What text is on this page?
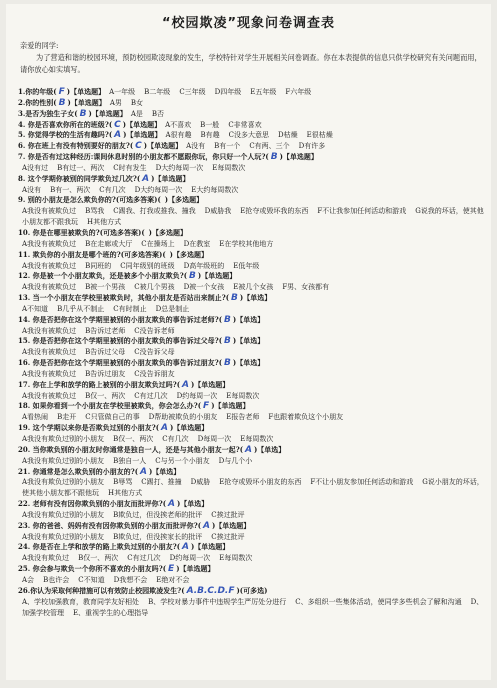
“校园欺凌”现象问卷调查表
亲爱的同学:
为了营造和谐的校园环境，预防校园欺凌现象的发生，学校特针对学生开展相关问卷调查。你在本表提供的信息只供学校研究有关问题而用，请你放心如实填写。
1.你的年级( F )【单选题】 A一年级 B二年级 C三年级 D四年级 E五年级 F六年级
2.你的性别( B )【单选题】 A男 B女
3.是否为独生子女( B )【单选题】 A是 B否
4. 你是否喜欢你所在的班级?( C )【单选题】 A不喜欢 B一般 C非常喜欢
5. 你觉得学校的生活有趣吗?( A )【单选题】 A很有趣 B有趣 C没多大意思 D枯燥 E很枯燥
6. 你在班上有没有特别要好的朋友?( C )【单选题】 A没有 B有一个 C有两、三个 D有许多
7. 你是否有过这种经历:课间休息时别的小朋友都不愿跟你玩，你只好一个人玩?( B )【单选题】
A没有过 B有过一、两次 C时有发生 D大约每周一次 E每周数次
8. 这个学期你被别的同学欺负过几次?( A )【单选题】
A没有 B有一、两次 C有几次 D大约每周一次 E大约每周数次
9. 别的小朋友是怎么欺负你的?(可选多答案)( )【多选题】
A我没有被欺负过 B骂我 C踢我、打我或推我、撞我 D威胁我 E抢夺或毁坏我的东西 F不让我参加任何活动和游戏 G说我的坏话，使其他小朋友都不跟我玩 H其他方式
10. 你是在哪里被欺负的?(可选多答案)( )【多选题】
A我没有被欺负过 B在走廊或大厅 C在操场上 D在教室 E在学校其他地方
11. 欺负你的小朋友是哪个班的?(可多选答案)( )【多选题】
A我没有被欺负过 B同班的 C同年级别的班级 D高年级班的 E低年级
12. 你是被一个小朋友欺负，还是被多个小朋友欺负?( B )【单选题】
A我没有被欺负过 B被一个男孩 C被几个男孩 D被一个女孩 E被几个女孩 F男、女孩都有
13. 当一个小朋友在学校里被欺负时，其他小朋友是否站出来制止?( B )【单选】
A不知道 B几乎从不制止 C有时制止 D总是制止
14. 你是否把你在这个学期里被别的小朋友欺负的事告诉过老师?( B )【单选】
A我没有被欺负过 B告诉过老师 C没告诉老师
15. 你是否把你在这个学期里被别的小朋友欺负的事告诉过父母?( B )【单选】
A我没有被欺负过 B告诉过父母 C没告诉父母
16. 你是否把你在这个学期里被别的小朋友欺负的事告诉过朋友?( B )【单选】
A我没有被欺负过 B告诉过朋友 C没告诉朋友
17. 你在上学和放学的路上被别的小朋友欺负过吗?( A )【单选题】
A我没有被欺负过 B仅一、两次 C有过几次 D约每周一次 E每周数次
18. 如果你看到一个小朋友在学校里被欺负，你会怎么办?( F )【单选题】
A看热闹 B走开 C只管做自己的事 D帮助被欺负的小朋友 E报告老师 F也跟着欺负这个小朋友
19. 这个学期以来你是否欺负过别的小朋友?( A )【单选题】
A我没有欺负过别的小朋友 B仅一、两次 C有几次 D每周一次 E每周数次
20. 当你欺负别的小朋友时你通常是独自一人，还是与其他小朋友一起?( A )【单选】
A我没有欺负过别的小朋友 B独自一人 C与另一个小朋友 D与几个小
21. 你通常是怎么欺负别的小朋友的?( A )【单选】
A我没有欺负过别的小朋友 B辱骂 C踢打、推撞 D威胁 E抢夺或毁坏小朋友的东西 F不让小朋友参加任何活动和游戏 G说小朋友的坏话，使其他小朋友都不跟他玩 H其他方式
22. 老师有没有因你欺负别的小朋友而批评你?( A )【单选】
A我没有欺负过别的小朋友 B欺负过，但没挨老师的批评 C挨过批评
23. 你的爸爸、妈妈有没有因你欺负别的小朋友而批评你?( A )【单选题】
A我没有欺负过别的小朋友 B欺负过，但没挨家长的批评 C挨过批评
24. 你是否在上学和放学的路上欺负过别的小朋友?( A )【单选题】
A我没有欺负过 B仅一、两次 C有过几次 D约每周一次 E每周数次
25. 你会参与欺负一个你所不喜欢的小朋友吗?( E )【单选题】
A会 B也许会 C不知道 D我想不会 E绝对不会
26.你认为采取何种措施可以有效防止校园欺凌发生?( A.B.C.D.F )(可多选)
A、学校加强教育，教育同学友好相处 B、学校对暴力事件中违规学生严厉处分进行 C、多组织一些集体活动，使同学多些机会了解和沟通 D、加强学校管理 E、重视学生的心理指导
